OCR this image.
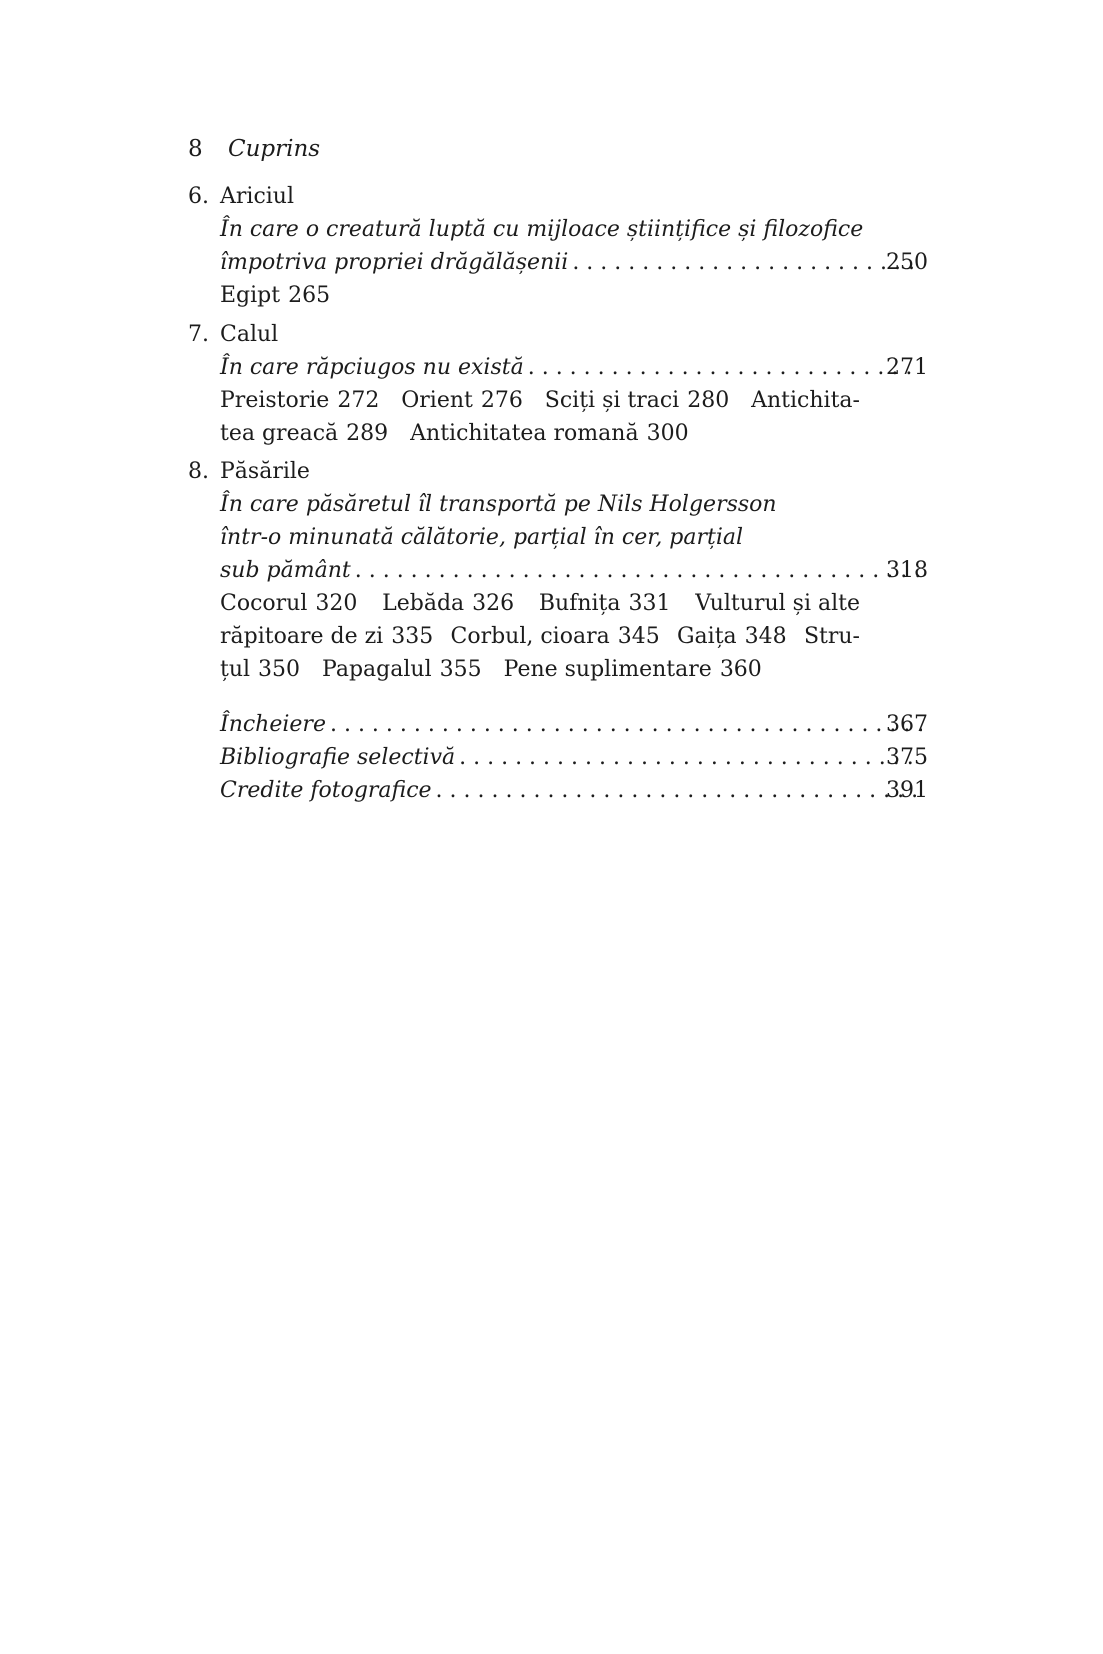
8 Cuprins
6. Ariciul
În care o creatură luptă cu mijloace științifice și filozofice
împotriva propriei drăgălășenii . . .	250
Egipt 265
7. Calul
În care răpciugos nu există . . .	271
Preistorie 272 Orient 276 Sciți și traci 280 Antichita-
tea greacă 289 Antichitatea romană 300
8. Păsările
În care păsăretul îl transportă pe Nils Holgersson
într-o minunată călătorie, parțial în cer, parțial
sub pământ . . .	318
Cocorul 320 Lebăda 326 Bufnița 331 Vulturul și alte
răpitoare de zi 335 Corbul, cioara 345 Gaița 348 Stru-
țul 350 Papagalul 355 Pene suplimentare 360
Încheiere . . .	367
Bibliografie selectivă . . .	375
Credite fotografice . . .	391
